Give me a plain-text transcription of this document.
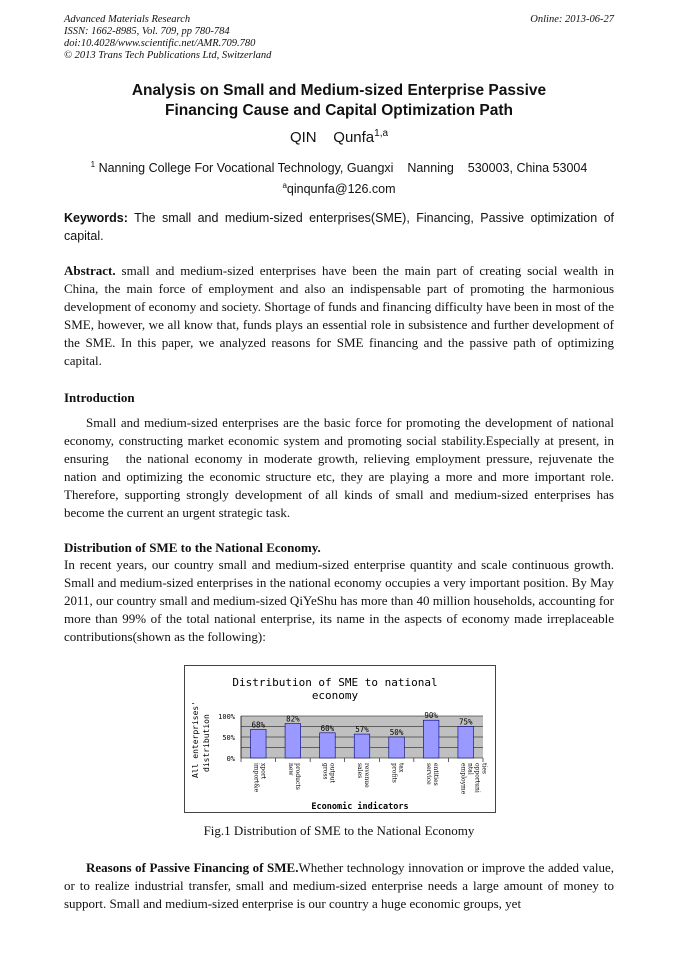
Advanced Materials Research
ISSN: 1662-8985, Vol. 709, pp 780-784
doi:10.4028/www.scientific.net/AMR.709.780
© 2013 Trans Tech Publications Ltd, Switzerland
Online: 2013-06-27
Analysis on Small and Medium-sized Enterprise Passive
Financing Cause and Capital Optimization Path
QIN    Qunfa$^{1,a}$
$^1$ Nanning College For Vocational Technology, Guangxi    Nanning    530003, China 53004
$^a$qinqunfa@126.com
Keywords: The small and medium-sized enterprises(SME), Financing, Passive optimization of capital.
Abstract. small and medium-sized enterprises have been the main part of creating social wealth in China, the main force of employment and also an indispensable part of promoting the harmonious development of economy and society. Shortage of funds and financing difficulty have been in most of the SME, however, we all know that, funds plays an essential role in subsistence and further development of the SME. In this paper, we analyzed reasons for SME financing and the passive path of optimizing capital.
Introduction
Small and medium-sized enterprises are the basic force for promoting the development of national economy, constructing market economic system and promoting social stability.Especially at present, in ensuring   the national economy in moderate growth, relieving employment pressure, rejuvenate the nation and optimizing the economic structure etc, they are playing a more and more important role. Therefore, supporting strongly development of all kinds of small and medium-sized enterprises has become the current an urgent strategic task.
Distribution of SME to the National Economy.
In recent years, our country small and medium-sized enterprise quantity and scale continuous growth. Small and medium-sized enterprises in the national economy occupies a very important position. By May 2011, our country small and medium-sized QiYeShu has more than 40 million households, accounting for more than 99% of the total national enterprise, its name in the aspects of economy made irreplaceable contributions(shown as the following):
Distribution of SME to national
economy
All enterprises' distribution 100%
50%
0%
68%
import&e xport
82%
new products
60%
gross output
57%
sales revenue
50%
profits tax
90%
service entities
75%
employme ntal opportuni ties
Economic indicators
Fig.1 Distribution of SME to the National Economy
Reasons of Passive Financing of SME.Whether technology innovation or improve the added value, or to realize industrial transfer, small and medium-sized enterprise needs a large amount of money to support. Small and medium-sized enterprise is our country a huge economic groups, yet
